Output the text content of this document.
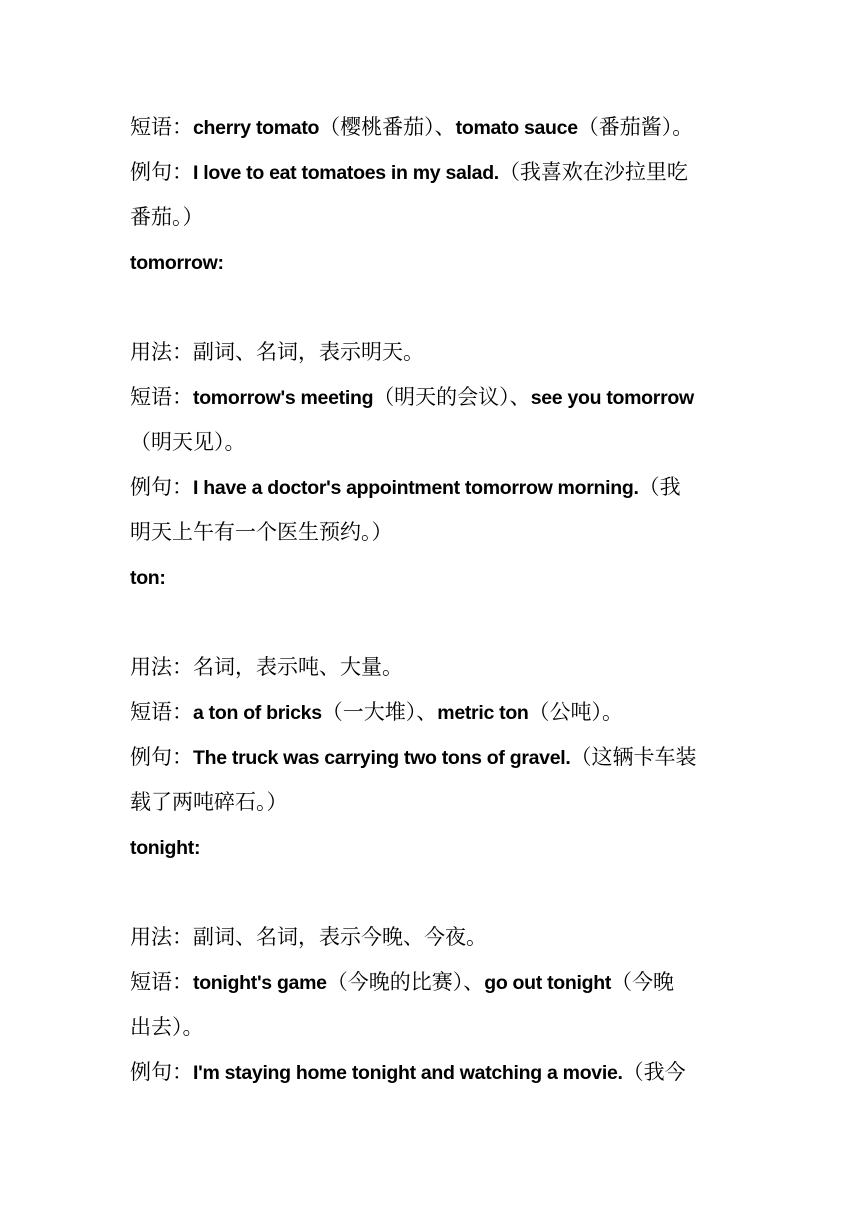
短语：cherry tomato（樱桃番茄）、tomato sauce（番茄酱）。
例句：I love to eat tomatoes in my salad.（我喜欢在沙拉里吃
番茄。）
tomorrow:
用法：副词、名词，表示明天。
短语：tomorrow's meeting（明天的会议）、see you tomorrow
（明天见）。
例句：I have a doctor's appointment tomorrow morning.（我
明天上午有一个医生预约。）
ton:
用法：名词，表示吨、大量。
短语：a ton of bricks（一大堆）、metric ton（公吨）。
例句：The truck was carrying two tons of gravel.（这辆卡车装
载了两吨碎石。）
tonight:
用法：副词、名词，表示今晚、今夜。
短语：tonight's game（今晚的比赛）、go out tonight（今晚
出去）。
例句：I'm staying home tonight and watching a movie.（我今
